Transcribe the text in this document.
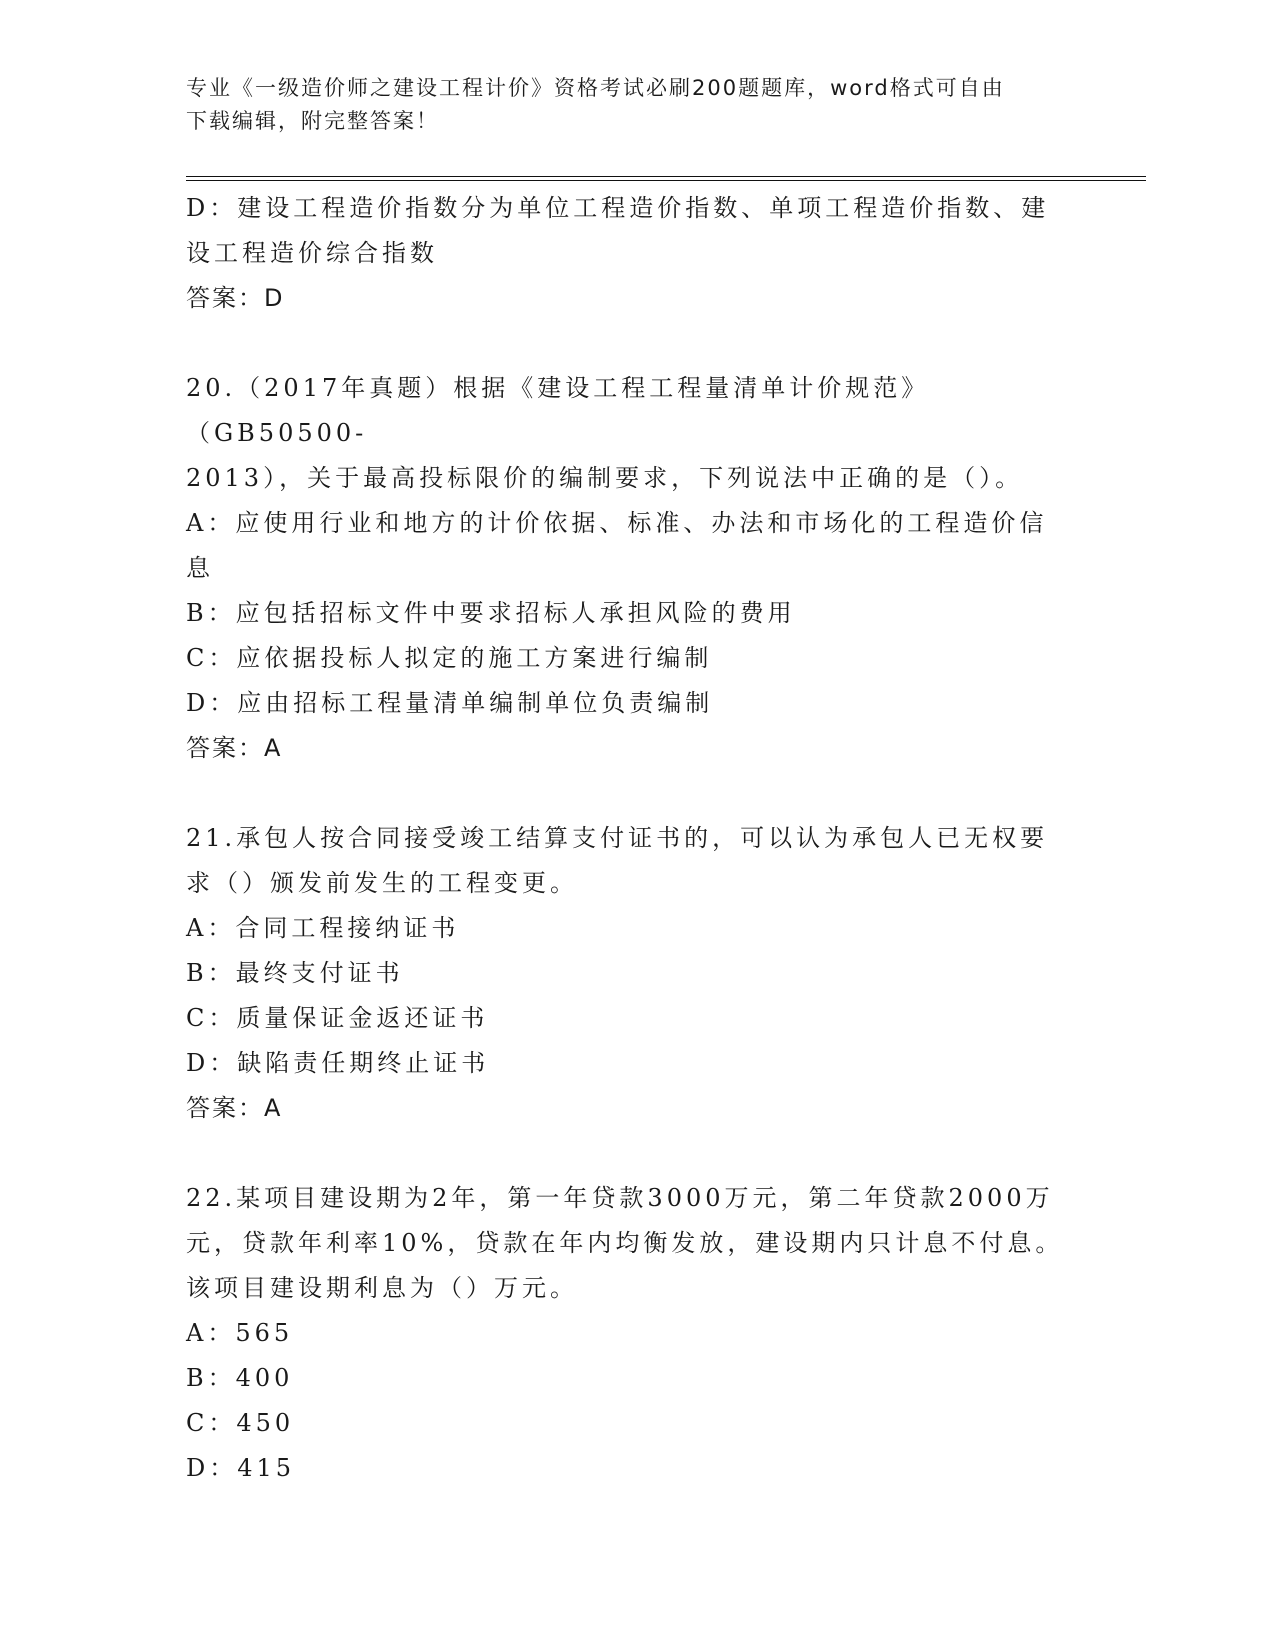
专业《一级造价师之建设工程计价》资格考试必刷200题题库，word格式可自由
下载编辑，附完整答案！
D：建设工程造价指数分为单位工程造价指数、单项工程造价指数、建
设工程造价综合指数
答案：D
20.（2017年真题）根据《建设工程工程量清单计价规范》（GB50500-
2013），关于最高投标限价的编制要求，下列说法中正确的是（）。
A：应使用行业和地方的计价依据、标准、办法和市场化的工程造价信
息
B：应包括招标文件中要求招标人承担风险的费用
C：应依据投标人拟定的施工方案进行编制
D：应由招标工程量清单编制单位负责编制
答案：A
21.承包人按合同接受竣工结算支付证书的，可以认为承包人已无权要
求（）颁发前发生的工程变更。
A：合同工程接纳证书
B：最终支付证书
C：质量保证金返还证书
D：缺陷责任期终止证书
答案：A
22.某项目建设期为2年，第一年贷款3000万元，第二年贷款2000万
元，贷款年利率10%，贷款在年内均衡发放，建设期内只计息不付息。
该项目建设期利息为（）万元。
A：565
B：400
C：450
D：415
